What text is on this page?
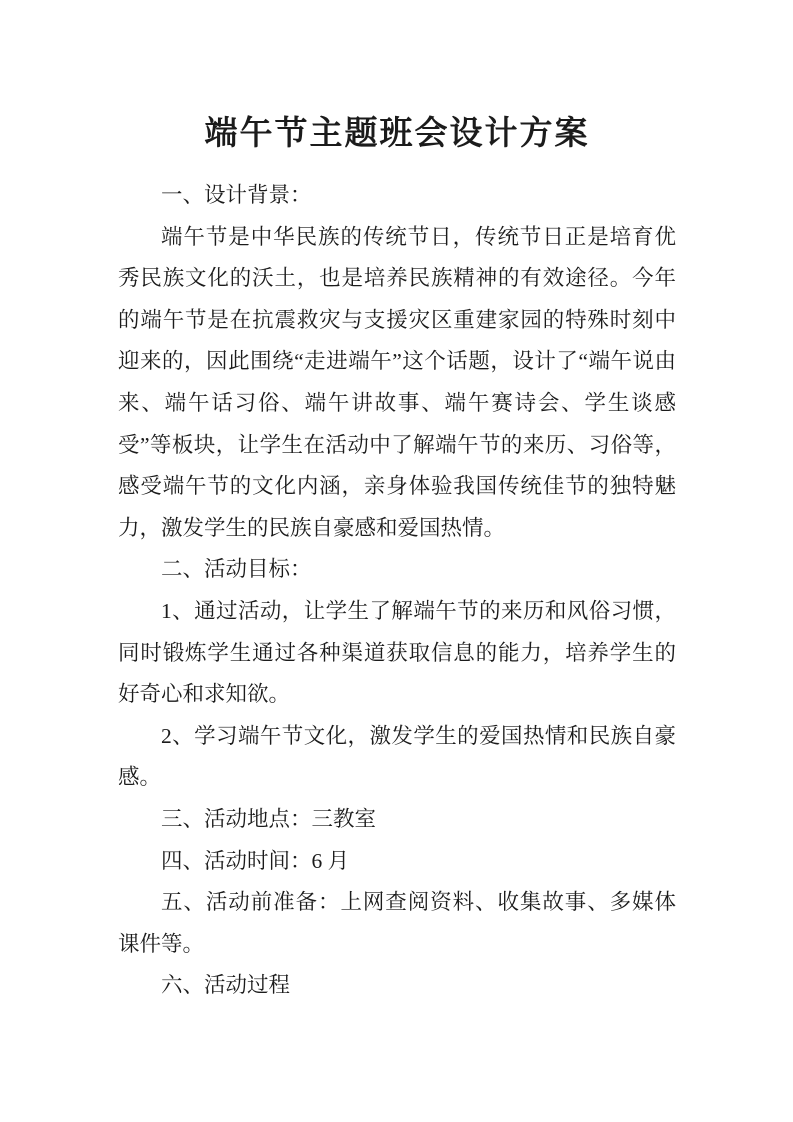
端午节主题班会设计方案

一、设计背景：

端午节是中华民族的传统节日，传统节日正是培育优秀民族文化的沃土，也是培养民族精神的有效途径。今年的端午节是在抗震救灾与支援灾区重建家园的特殊时刻中迎来的，因此围绕“走进端午”这个话题，设计了“端午说由来、端午话习俗、端午讲故事、端午赛诗会、学生谈感受”等板块，让学生在活动中了解端午节的来历、习俗等，感受端午节的文化内涵，亲身体验我国传统佳节的独特魅力，激发学生的民族自豪感和爱国热情。

二、活动目标：

1、通过活动，让学生了解端午节的来历和风俗习惯，同时锻炼学生通过各种渠道获取信息的能力，培养学生的好奇心和求知欲。

2、学习端午节文化，激发学生的爱国热情和民族自豪感。

三、活动地点：三教室

四、活动时间：6 月

五、活动前准备：上网查阅资料、收集故事、多媒体课件等。

六、活动过程
